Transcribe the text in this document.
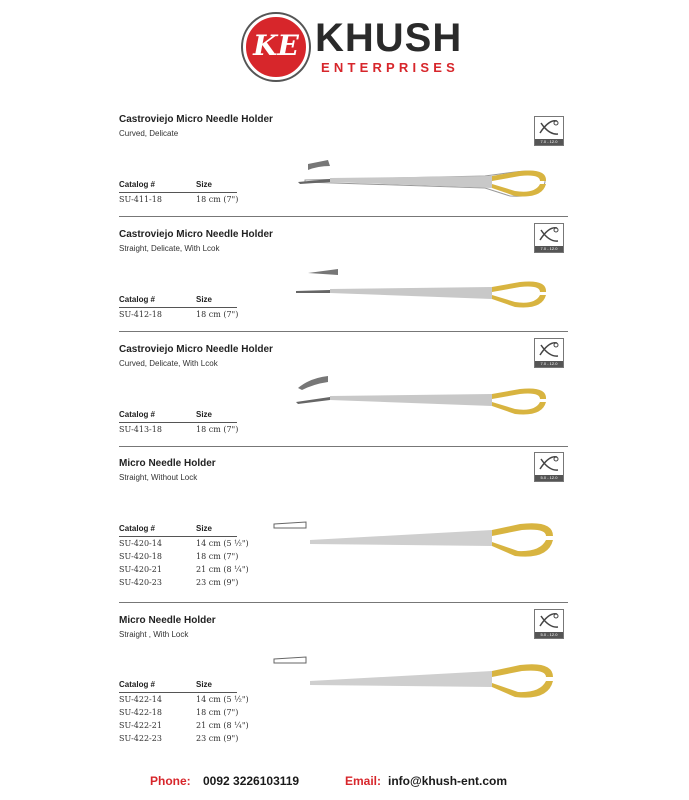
KE KHUSH
ENTERPRISES
Castroviejo Micro Needle Holder
Curved, Delicate
7.0 - 12.0
Catalog #	Size
SU-411-18	18 cm (7")
Castroviejo Micro Needle Holder
Straight, Delicate, With Lcok	7.0 - 12.0
Catalog #	Size
SU-412-18	18 cm (7")
Castroviejo Micro Needle Holder
Curved, Delicate, With Lcok	7.0 - 12.0
Catalog #	Size
SU-413-18	18 cm (7")
Micro Needle Holder
Straight, Without Lock	5.0 - 12.0
Catalog #	Size
SU-420-14	14 cm (5 ½")
SU-420-18	18 cm (7")
SU-420-21	21 cm (8 ¼")
SU-420-23	23 cm (9")
Micro Needle Holder
Straight , With Lock	5.0 - 12.0
Catalog #	Size
SU-422-14	14 cm (5 ½")
SU-422-18	18 cm (7")
SU-422-21	21 cm (8 ¼")
SU-422-23	23 cm (9")
Phone: 0092 3226103119	Email: info@khush-ent.com
